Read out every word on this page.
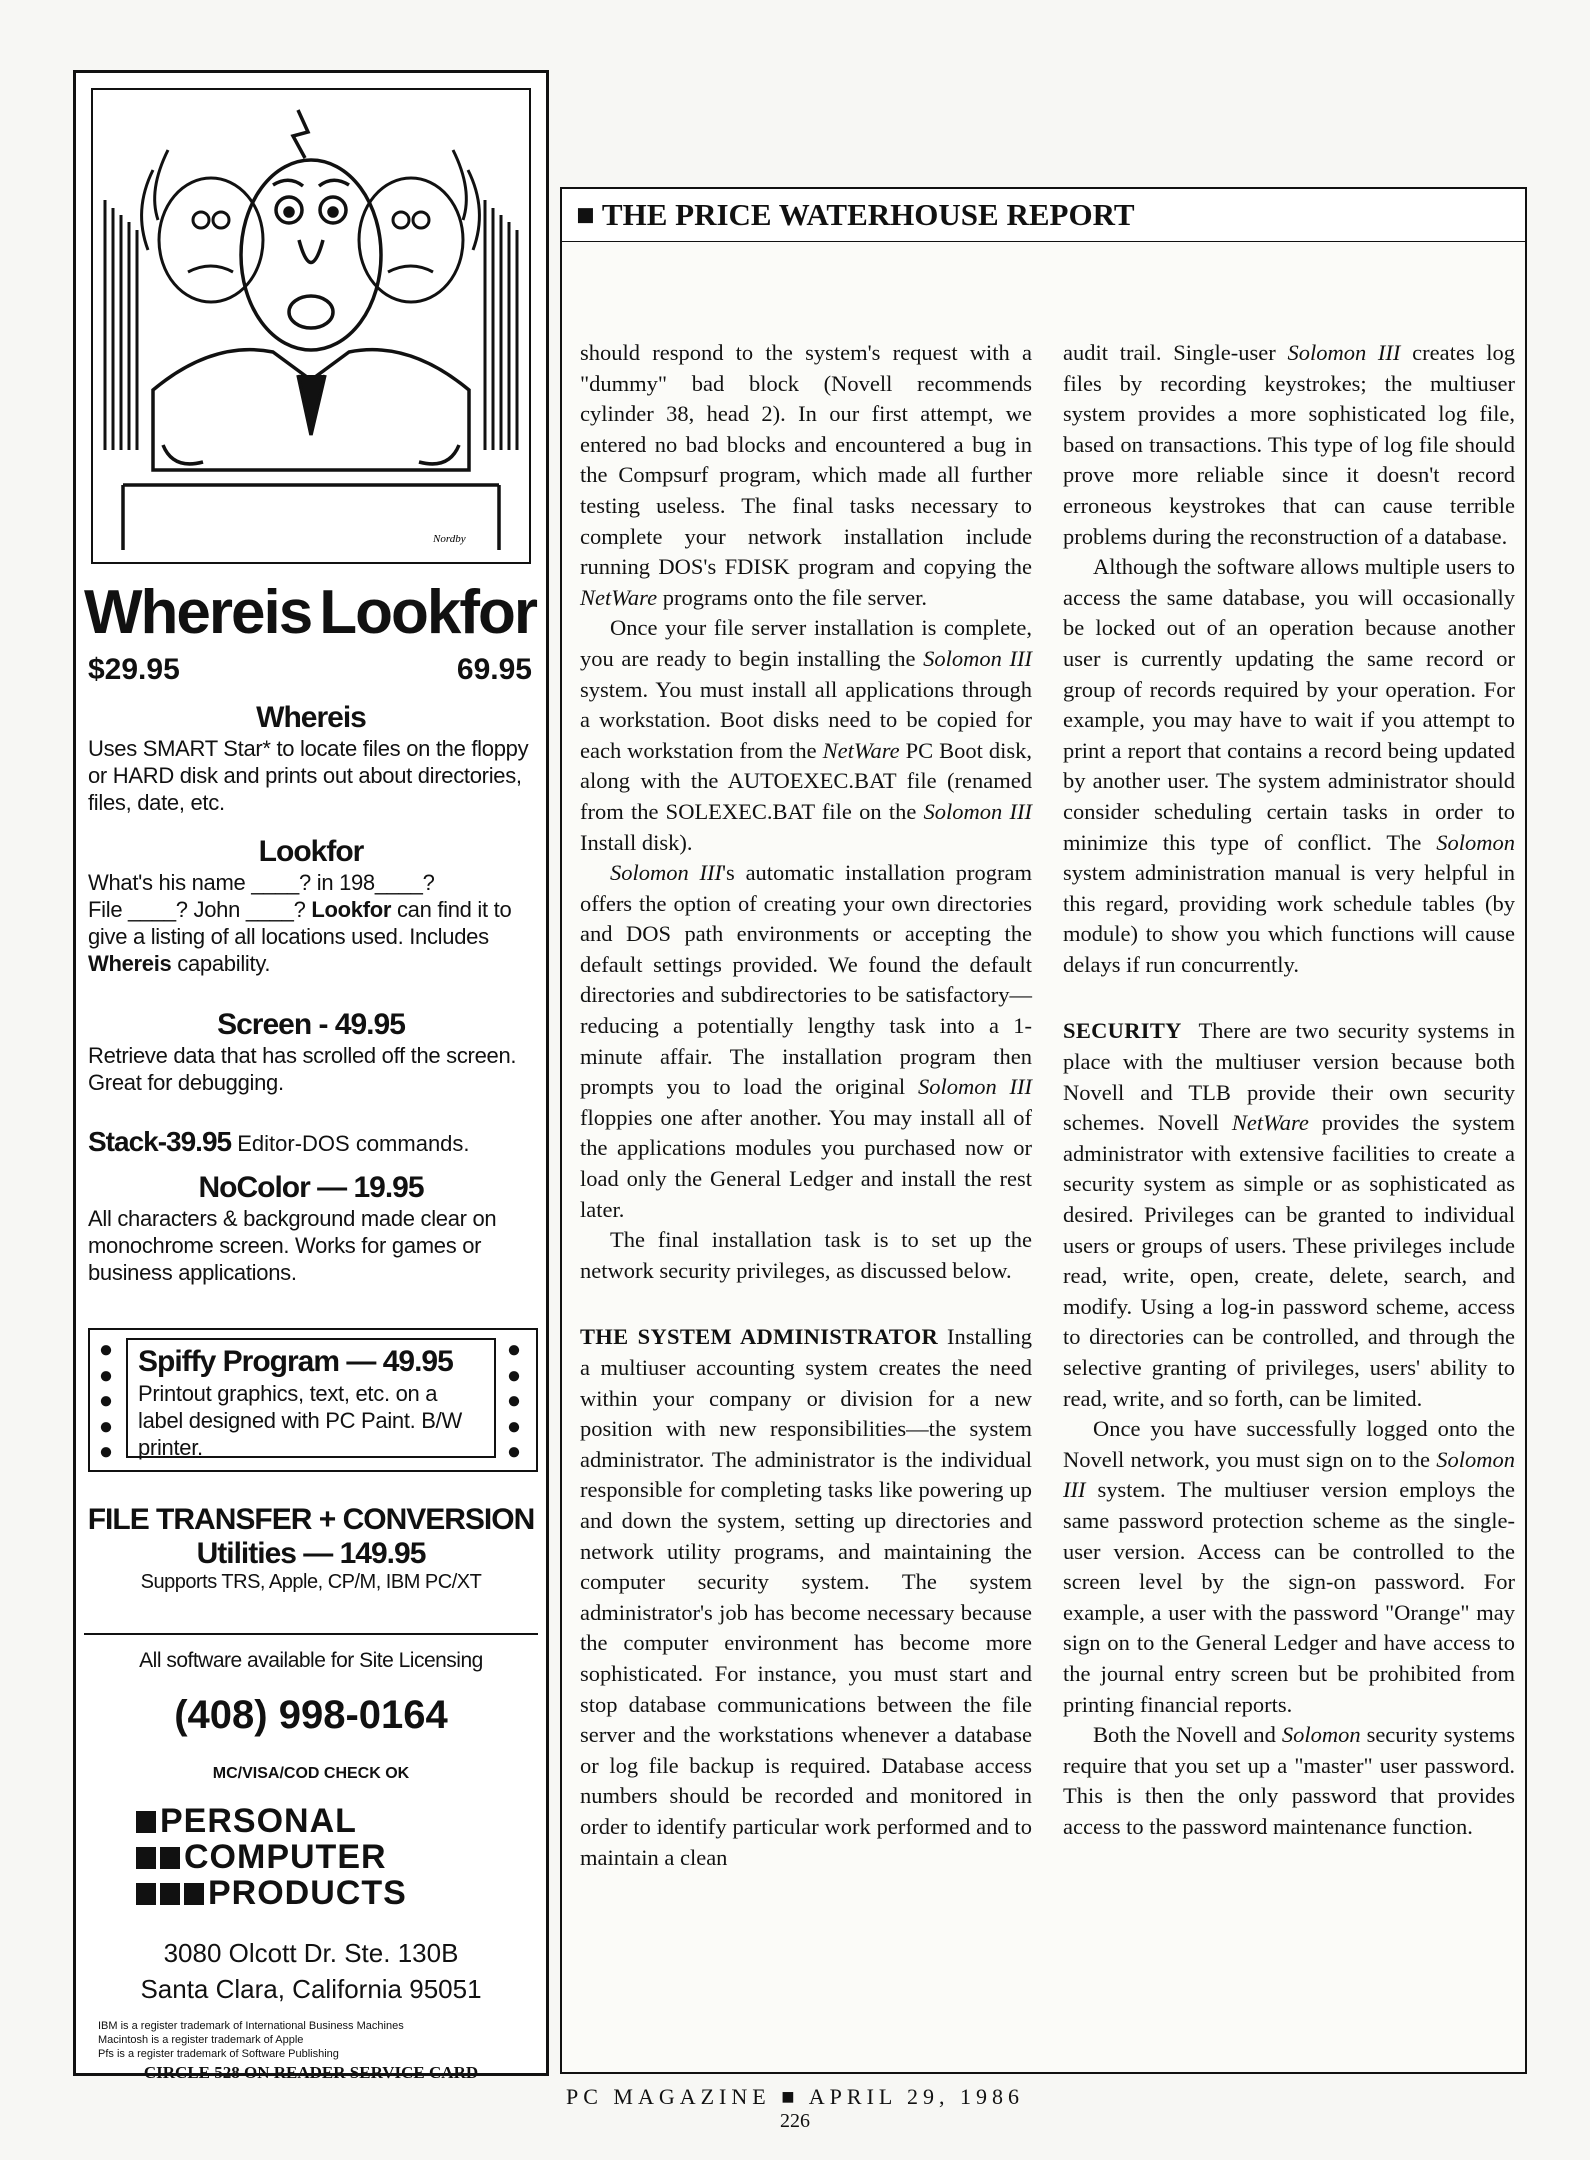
Nordby
Whereis Lookfor
$29.95	69.95
Whereis
Uses SMART Star* to locate files on the floppy or HARD disk and prints out about directories, files, date, etc.
Lookfor
What's his name ____? in 198____?
File ____? John ____? Lookfor can find it to give a listing of all locations used. Includes Whereis capability.
Screen - 49.95
Retrieve data that has scrolled off the screen. Great for debugging.
Stack-39.95 Editor-DOS commands.
NoColor — 19.95
All characters & background made clear on monochrome screen. Works for games or business applications.
●
●
●
●
●
Spiffy Program — 49.95
Printout graphics, text, etc. on a label designed with PC Paint. B/W printer.
●
●
●
●
●
FILE TRANSFER + CONVERSION
Utilities — 149.95
Supports TRS, Apple, CP/M, IBM PC/XT
All software available for Site Licensing
(408) 998-0164
MC/VISA/COD CHECK OK
PERSONAL
COMPUTER
PRODUCTS
3080 Olcott Dr. Ste. 130B
Santa Clara, California 95051
IBM is a register trademark of International Business Machines
Macintosh is a register trademark of Apple
Pfs is a register trademark of Software Publishing
CIRCLE 528 ON READER SERVICE CARD
■ THE PRICE WATERHOUSE REPORT

should respond to the system's request with a "dummy" bad block (Novell recommends cylinder 38, head 2). In our first attempt, we entered no bad blocks and encountered a bug in the Compsurf program, which made all further testing useless. The final tasks necessary to complete your network installation include running DOS's FDISK program and copying the NetWare programs onto the file server.

Once your file server installation is complete, you are ready to begin installing the Solomon III system. You must install all applications through a workstation. Boot disks need to be copied for each workstation from the NetWare PC Boot disk, along with the AUTOEXEC.BAT file (renamed from the SOLEXEC.BAT file on the Solomon III Install disk).

Solomon III's automatic installation program offers the option of creating your own directories and DOS path environments or accepting the default settings provided. We found the default directories and subdirectories to be satisfactory—reducing a potentially lengthy task into a 1-minute affair. The installation program then prompts you to load the original Solomon III floppies one after another. You may install all of the applications modules you purchased now or load only the General Ledger and install the rest later.

The final installation task is to set up the network security privileges, as discussed below.

THE SYSTEM ADMINISTRATOR Installing a multiuser accounting system creates the need within your company or division for a new position with new responsibilities—the system administrator. The administrator is the individual responsible for completing tasks like powering up and down the system, setting up directories and network utility programs, and maintaining the computer security system. The system administrator's job has become necessary because the computer environment has become more sophisticated. For instance, you must start and stop database communications between the file server and the workstations whenever a database or log file backup is required. Database access numbers should be recorded and monitored in order to identify particular work performed and to maintain a clean

audit trail. Single-user Solomon III creates log files by recording keystrokes; the multiuser system provides a more sophisticated log file, based on transactions. This type of log file should prove more reliable since it doesn't record erroneous keystrokes that can cause terrible problems during the reconstruction of a database.

Although the software allows multiple users to access the same database, you will occasionally be locked out of an operation because another user is currently updating the same record or group of records required by your operation. For example, you may have to wait if you attempt to print a report that contains a record being updated by another user. The system administrator should consider scheduling certain tasks in order to minimize this type of conflict. The Solomon system administration manual is very helpful in this regard, providing work schedule tables (by module) to show you which functions will cause delays if run concurrently.

SECURITY There are two security systems in place with the multiuser version because both Novell and TLB provide their own security schemes. Novell NetWare provides the system administrator with extensive facilities to create a security system as simple or as sophisticated as desired. Privileges can be granted to individual users or groups of users. These privileges include read, write, open, create, delete, search, and modify. Using a log-in password scheme, access to directories can be controlled, and through the selective granting of privileges, users' ability to read, write, and so forth, can be limited.

Once you have successfully logged onto the Novell network, you must sign on to the Solomon III system. The multiuser version employs the same password protection scheme as the single-user version. Access can be controlled to the screen level by the sign-on password. For example, a user with the password "Orange" may sign on to the General Ledger and have access to the journal entry screen but be prohibited from printing financial reports.

Both the Novell and Solomon security systems require that you set up a "master" user password. This is then the only password that provides access to the password maintenance function.

PC MAGAZINE ■ APRIL 29, 1986
226
